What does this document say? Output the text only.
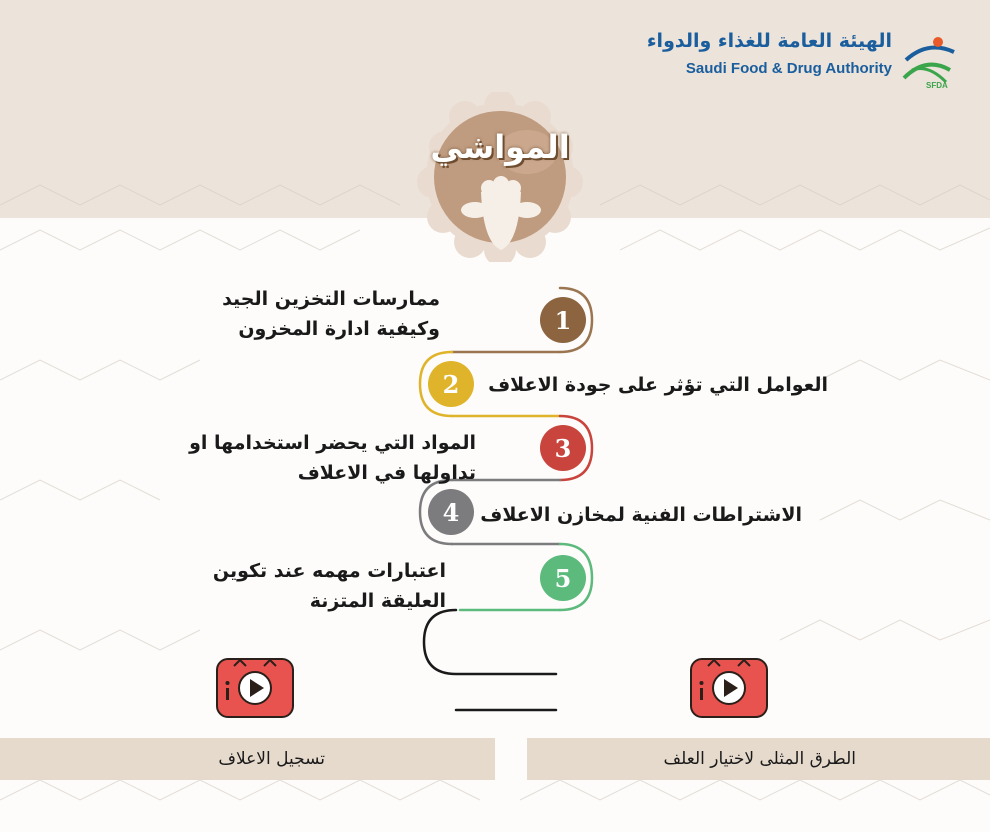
الهيئة العامة للغذاء والدواء
Saudi Food & Drug Authority
SFDA
المواشي
1
ممارسات التخزين الجيد
وكيفية ادارة المخزون
2 العوامل التي تؤثر على جودة الاعلاف
3
المواد التي يحضر استخدامها او
تداولها في الاعلاف
4 الاشتراطات الفنية لمخازن الاعلاف
5
اعتبارات مهمه عند تكوين
العليقة المتزنة
تسجيل الاعلاف	الطرق المثلى لاختيار العلف
